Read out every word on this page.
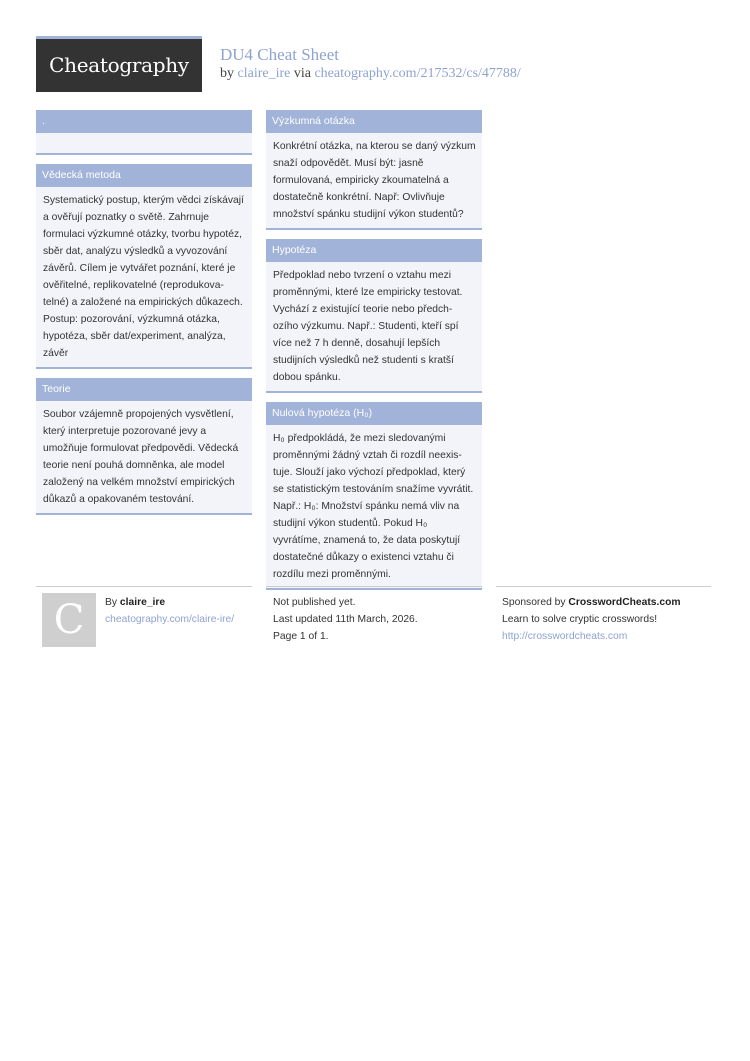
Cheatography	DU4 Cheat Sheet
by claire_ire via cheatography.com/217532/cs/47788/
.
Vědecká metoda
Systematický postup, kterým vědci získávají a ověřují poznatky o světě. Zahrnuje formulaci výzkumné otázky, tvorbu hypotéz, sběr dat, analýzu výsledků a vyvozování závěrů. Cílem je vytvářet poznání, které je ověřitelné, replikovatelné (reprodukova-telné) a založené na empirických důkazech. Postup: pozorování, výzkumná otázka, hypotéza, sběr dat/experiment, analýza, závěr
Teorie
Soubor vzájemně propojených vysvětlení, který interpretuje pozorované jevy a umožňuje formulovat předpovědi. Vědecká teorie není pouhá domněnka, ale model založený na velkém množství empirických důkazů a opakovaném testování.
Výzkumná otázka
Konkrétní otázka, na kterou se daný výzkum snaží odpovědět. Musí být: jasně formulovaná, empiricky zkoumatelná a dostatečně konkrétní. Např: Ovlivňuje množství spánku studijní výkon studentů?
Hypotéza
Předpoklad nebo tvrzení o vztahu mezi proměnnými, které lze empiricky testovat. Vychází z existující teorie nebo předch-ozího výzkumu. Např.: Studenti, kteří spí více než 7 h denně, dosahují lepších studijních výsledků než studenti s kratší dobou spánku.
Nulová hypotéza (H₀)
H₀ předpokládá, že mezi sledovanými proměnnými žádný vztah či rozdíl neexis-tuje. Slouží jako výchozí předpoklad, který se statistickým testováním snažíme vyvrátit. Např.: H₀: Množství spánku nemá vliv na studijní výkon studentů. Pokud H₀ vyvrátíme, znamená to, že data poskytují dostatečné důkazy o existenci vztahu či rozdílu mezi proměnnými.
C	By claire_ire
cheatography.com/claire-ire/
Not published yet.
Last updated 11th March, 2026.
Page 1 of 1.
Sponsored by CrosswordCheats.com
Learn to solve cryptic crosswords!
http://crosswordcheats.com
